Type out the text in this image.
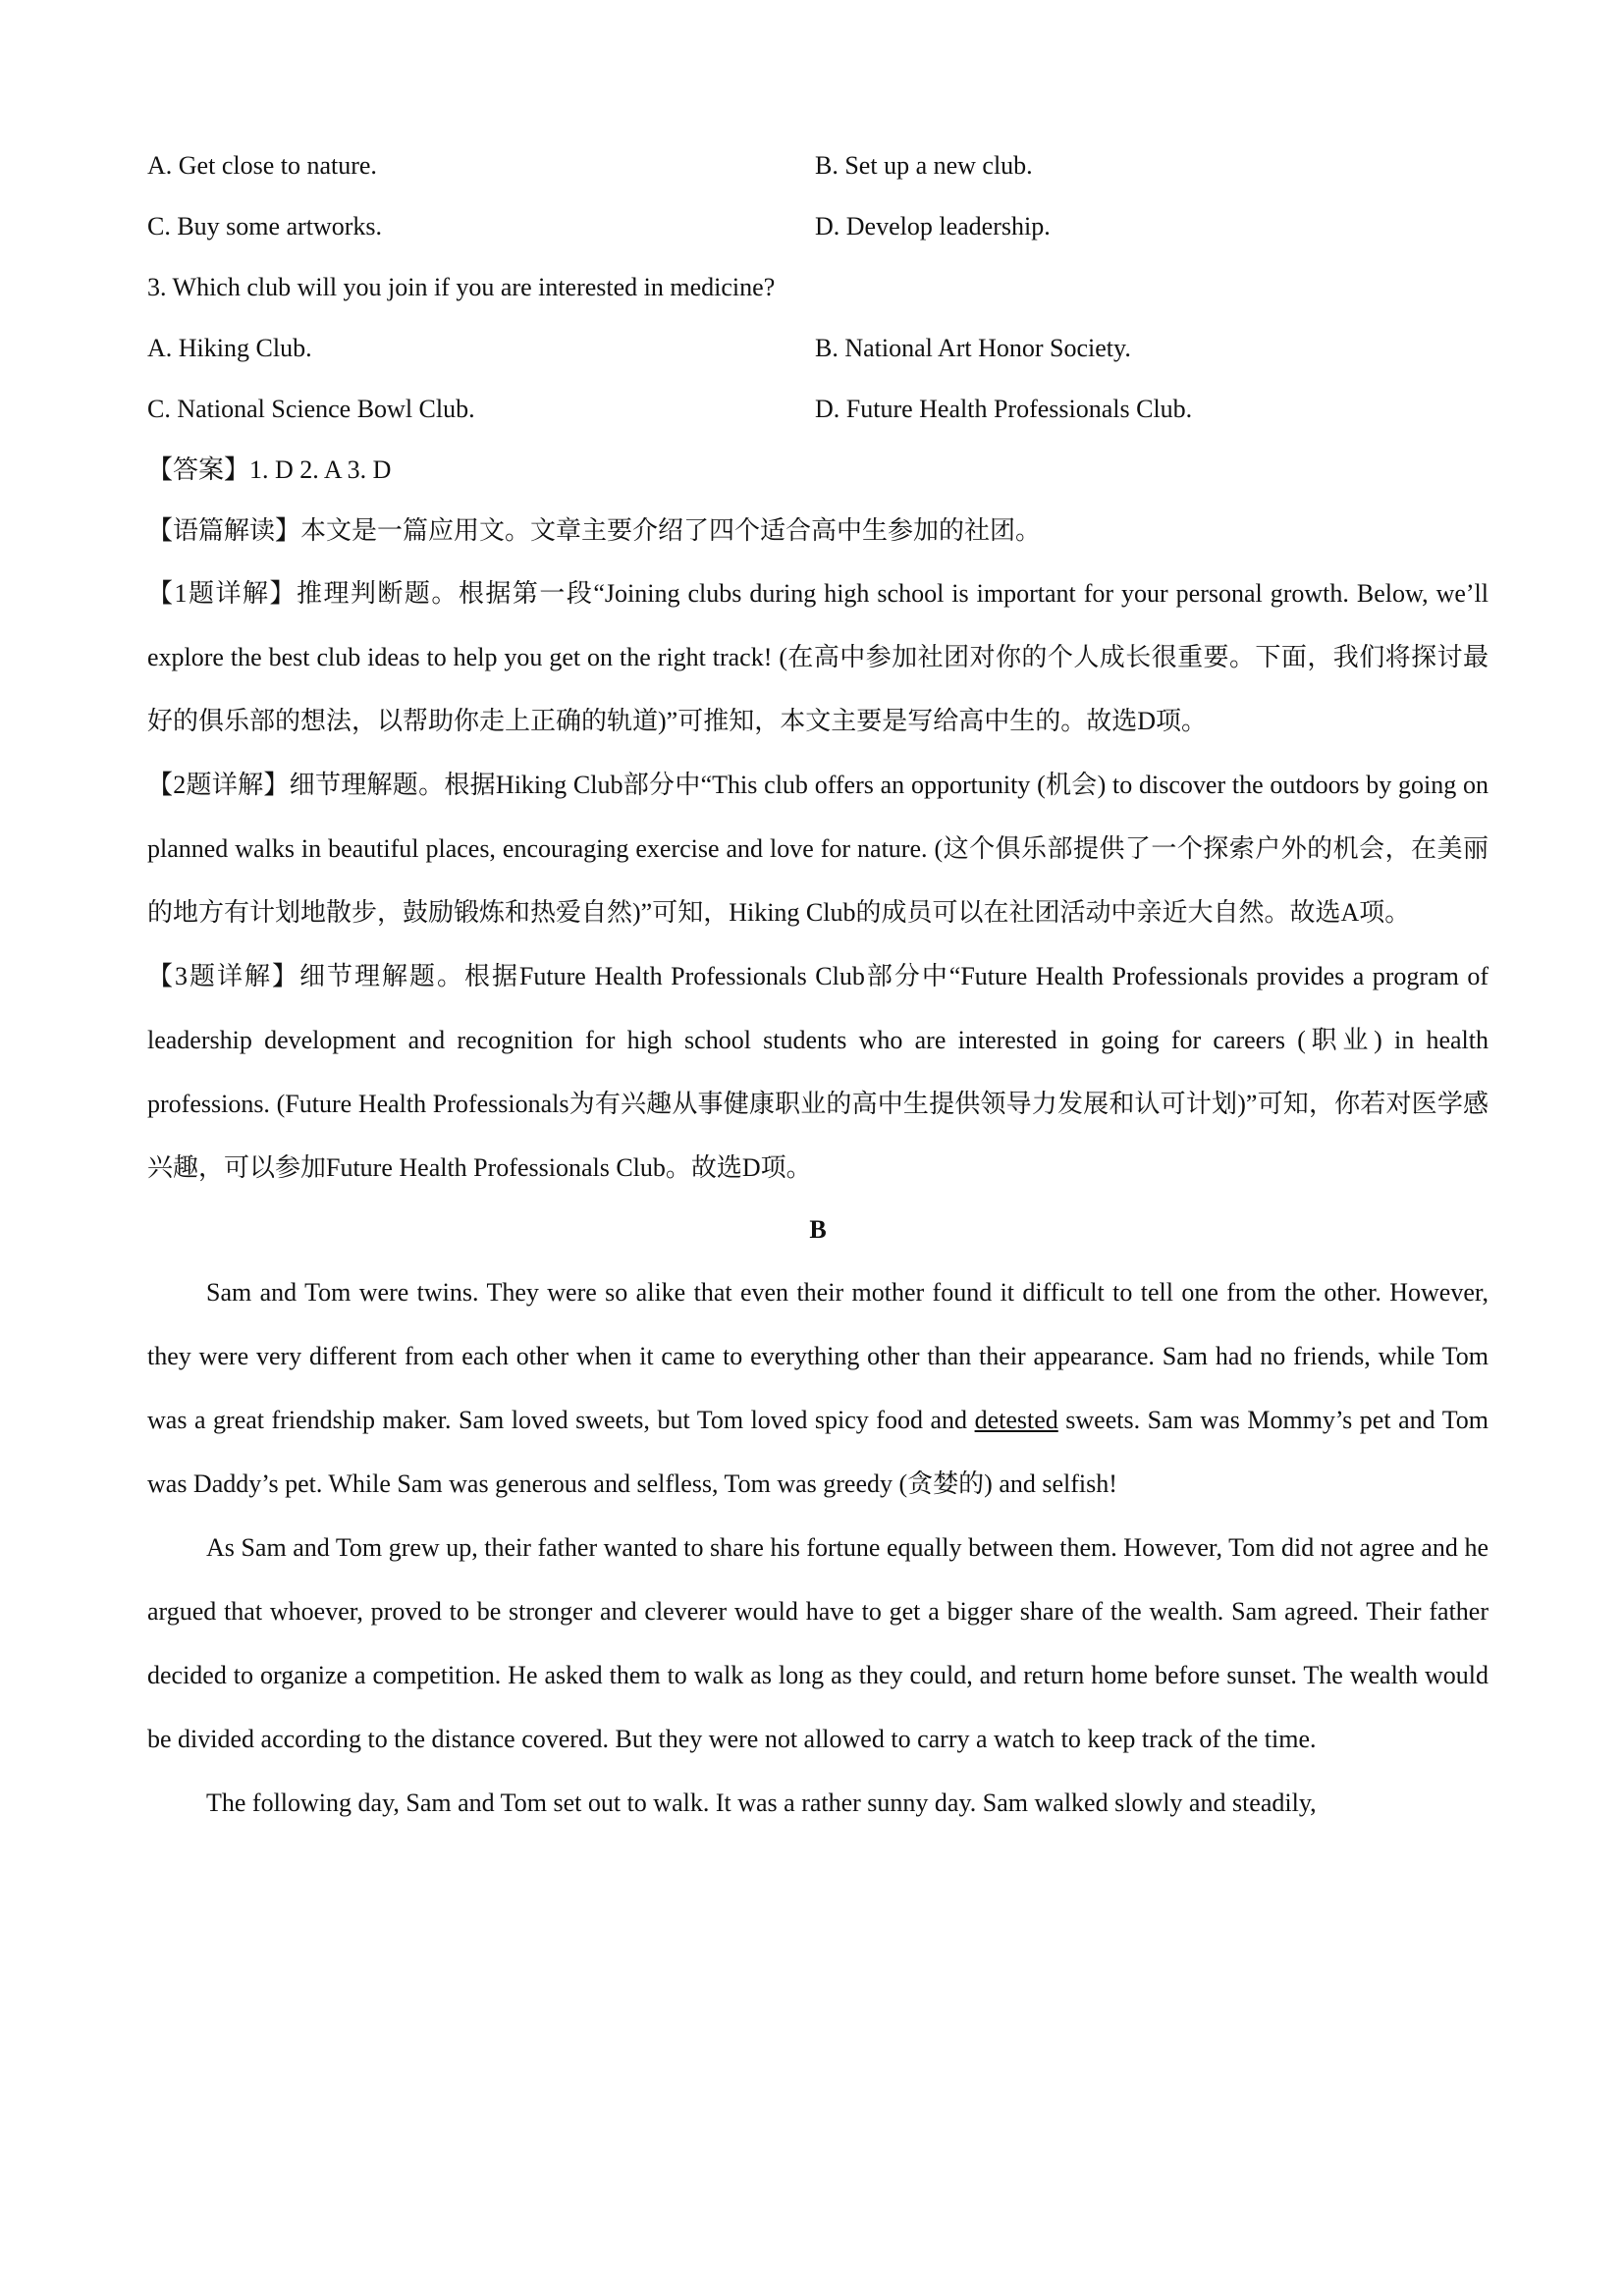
A. Get close to nature.	B. Set up a new club.
C. Buy some artworks.	D. Develop leadership.
3. Which club will you join if you are interested in medicine?
A. Hiking Club.	B. National Art Honor Society.
C. National Science Bowl Club.	D. Future Health Professionals Club.
【答案】1. D 2. A 3. D
【语篇解读】本文是一篇应用文。文章主要介绍了四个适合高中生参加的社团。
【1题详解】推理判断题。根据第一段“Joining clubs during high school is important for your personal growth. Below, we’ll explore the best club ideas to help you get on the right track! (在高中参加社团对你的个人成长很重要。下面，我们将探讨最好的俱乐部的想法，以帮助你走上正确的轨道)”可推知，本文主要是写给高中生的。故选D项。
【2题详解】细节理解题。根据Hiking Club部分中“This club offers an opportunity (机会) to discover the outdoors by going on planned walks in beautiful places, encouraging exercise and love for nature. (这个俱乐部提供了一个探索户外的机会，在美丽的地方有计划地散步，鼓励锻炼和热爱自然)”可知，Hiking Club的成员可以在社团活动中亲近大自然。故选A项。
【3题详解】细节理解题。根据Future Health Professionals Club部分中“Future Health Professionals provides a program of leadership development and recognition for high school students who are interested in going for careers (职业) in health professions. (Future Health Professionals为有兴趣从事健康职业的高中生提供领导力发展和认可计划)”可知，你若对医学感兴趣，可以参加Future Health Professionals Club。故选D项。
B
Sam and Tom were twins. They were so alike that even their mother found it difficult to tell one from the other. However, they were very different from each other when it came to everything other than their appearance. Sam had no friends, while Tom was a great friendship maker. Sam loved sweets, but Tom loved spicy food and detested sweets. Sam was Mommy’s pet and Tom was Daddy’s pet. While Sam was generous and selfless, Tom was greedy (贪婪的) and selfish!
As Sam and Tom grew up, their father wanted to share his fortune equally between them. However, Tom did not agree and he argued that whoever, proved to be stronger and cleverer would have to get a bigger share of the wealth. Sam agreed. Their father decided to organize a competition. He asked them to walk as long as they could, and return home before sunset. The wealth would be divided according to the distance covered. But they were not allowed to carry a watch to keep track of the time.
The following day, Sam and Tom set out to walk. It was a rather sunny day. Sam walked slowly and steadily,
